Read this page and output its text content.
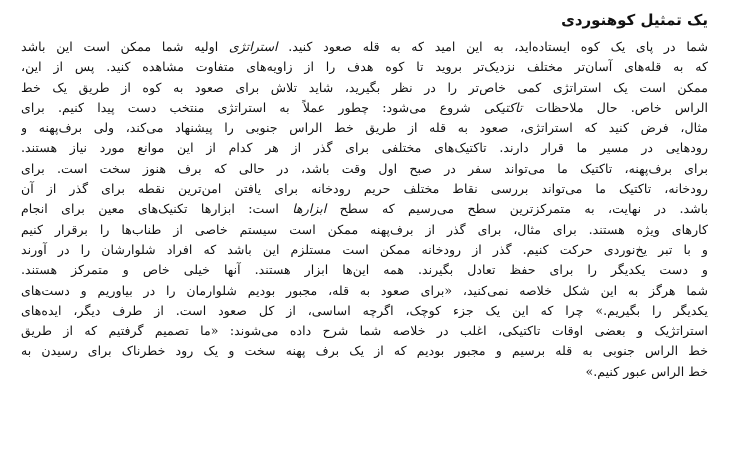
یک تمثیل کوهنوردی
شما در پای یک کوه ایستاده‌اید، به این امید که به قله صعود کنید. استراتژی اولیه شما ممکن است این باشد
که به قله‌های آسان‌تر مختلف نزدیک‌تر بروید تا کوه هدف را از زاویه‌های متفاوت مشاهده کنید. پس از این،
ممکن است یک استراتژی کمی خاص‌تر را در نظر بگیرید، شاید تلاش برای صعود به کوه از طریق یک خط
الراس خاص. حال ملاحظات تاکتیکی شروع می‌شود: چطور عملاً به استراتژی منتخب دست پیدا کنیم. برای
مثال، فرض کنید که استراتژی، صعود به قله از طریق خط الراس جنوبی را پیشنهاد می‌کند، ولی برف‌پهنه و
رودهایی در مسیر ما قرار دارند. تاکتیک‌های مختلفی برای گذر از هر کدام از این موانع مورد نیاز هستند.
برای برف‌پهنه، تاکتیک ما می‌تواند سفر در صبح اول وقت باشد، در حالی که برف هنوز سخت است. برای
رودخانه، تاکتیک ما می‌تواند بررسی نقاط مختلف حریم رودخانه برای یافتن امن‌ترین نقطه برای گذر از آن
باشد. در نهایت، به متمرکزترین سطح می‌رسیم که سطح ابزارها است: ابزارها تکنیک‌های معین برای انجام
کارهای ویژه هستند. برای مثال، برای گذر از برف‌پهنه ممکن است سیستم خاصی از طناب‌ها را برقرار کنیم
و با تبر یخ‌نوردی حرکت کنیم. گذر از رودخانه ممکن است مستلزم این باشد که افراد شلوارشان را در آورند
و دست یکدیگر را برای حفظ تعادل بگیرند. همه این‌ها ابزار هستند. آنها خیلی خاص و متمرکز هستند.
شما هرگز به این شکل خلاصه نمی‌کنید، «برای صعود به قله، مجبور بودیم شلوارمان را در بیاوریم و دست‌های
یکدیگر را بگیریم.» چرا که این یک جزء کوچک، اگرچه اساسی، از کل صعود است. از طرف دیگر، ایده‌های
استراتژیک و بعضی اوقات تاکتیکی، اغلب در خلاصه شما شرح داده می‌شوند: «ما تصمیم گرفتیم که از طریق
خط الراس جنوبی به قله برسیم و مجبور بودیم که از یک برف پهنه سخت و یک رود خطرناک برای رسیدن به
خط الراس عبور کنیم.»
